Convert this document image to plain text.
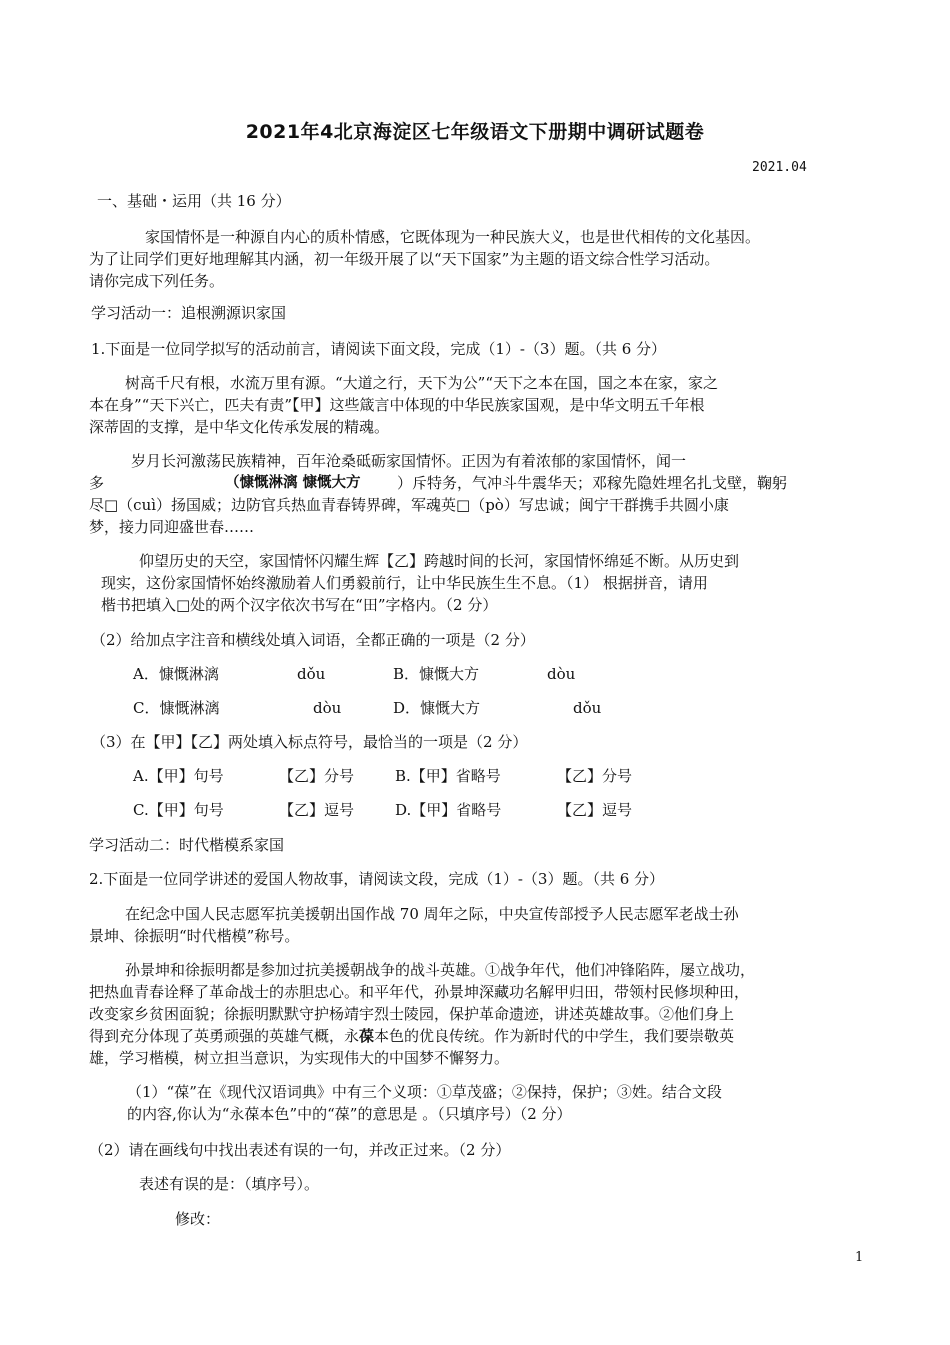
2021年4北京海淀区七年级语文下册期中调研试题卷
2021.04
一、基础・运用（共 16 分）
家国情怀是一种源自内心的质朴情感，它既体现为一种民族大义，也是世代相传的文化基因。
为了让同学们更好地理解其内涵，初一年级开展了以“天下国家”为主题的语文综合性学习活动。
请你完成下列任务。
学习活动一：追根溯源识家国
1.下面是一位同学拟写的活动前言，请阅读下面文段，完成（1）-（3）题。（共 6 分）
树高千尺有根，水流万里有源。“大道之行，天下为公”“天下之本在国，国之本在家，家之
本在身”“天下兴亡，匹夫有责”【甲】这些箴言中体现的中华民族家国观，是中华文明五千年根
深蒂固的支撑，是中华文化传承发展的精魂。
岁月长河激荡民族精神，百年沧桑砥砺家国情怀。正因为有着浓郁的家国情怀，闻一
多	（慷慨淋漓 慷慨大方 ）斥特务，气冲斗牛震华天；邓稼先隐姓埋名扎戈壁，鞠躬
尽□（cuì）扬国威；边防官兵热血青春铸界碑，军魂英□（pò）写忠诚；闽宁干群携手共圆小康
梦，接力同迎盛世春……
仰望历史的天空，家国情怀闪耀生辉【乙】跨越时间的长河，家国情怀绵延不断。从历史到
现实，这份家国情怀始终激励着人们勇毅前行，让中华民族生生不息。（1） 根据拼音，请用
楷书把填入□处的两个汉字依次书写在“田”字格内。（2 分）
（2）给加点字注音和横线处填入词语，全都正确的一项是（2 分）
A．慷慨淋漓	dǒu	B．慷慨大方	dòu
C．慷慨淋漓	dòu	D．慷慨大方	dǒu
（3）在【甲】【乙】两处填入标点符号，最恰当的一项是（2 分）
A.【甲】句号	【乙】分号	B.【甲】省略号	【乙】分号
C.【甲】句号	【乙】逗号	D.【甲】省略号	【乙】逗号
学习活动二：时代楷模系家国
2.下面是一位同学讲述的爱国人物故事，请阅读文段，完成（1）-（3）题。（共 6 分）
在纪念中国人民志愿军抗美援朝出国作战 70 周年之际，中央宣传部授予人民志愿军老战士孙
景坤、徐振明“时代楷模”称号。
孙景坤和徐振明都是参加过抗美援朝战争的战斗英雄。①战争年代，他们冲锋陷阵，屡立战功，
把热血青春诠释了革命战士的赤胆忠心。和平年代，孙景坤深藏功名解甲归田，带领村民修坝种田，
改变家乡贫困面貌；徐振明默默守护杨靖宇烈士陵园，保护革命遗迹，讲述英雄故事。②他们身上
得到充分体现了英勇顽强的英雄气概，永葆本色的优良传统。作为新时代的中学生，我们要崇敬英
雄，学习楷模，树立担当意识，为实现伟大的中国梦不懈努力。
（1）“葆”在《现代汉语词典》中有三个义项：①草茂盛；②保持，保护；③姓。结合文段
的内容,你认为“永葆本色”中的“葆”的意思是 。（只填序号）（2 分）
（2）请在画线句中找出表述有误的一句，并改正过来。（2 分）
表述有误的是：（填序号）。
修改：
1
